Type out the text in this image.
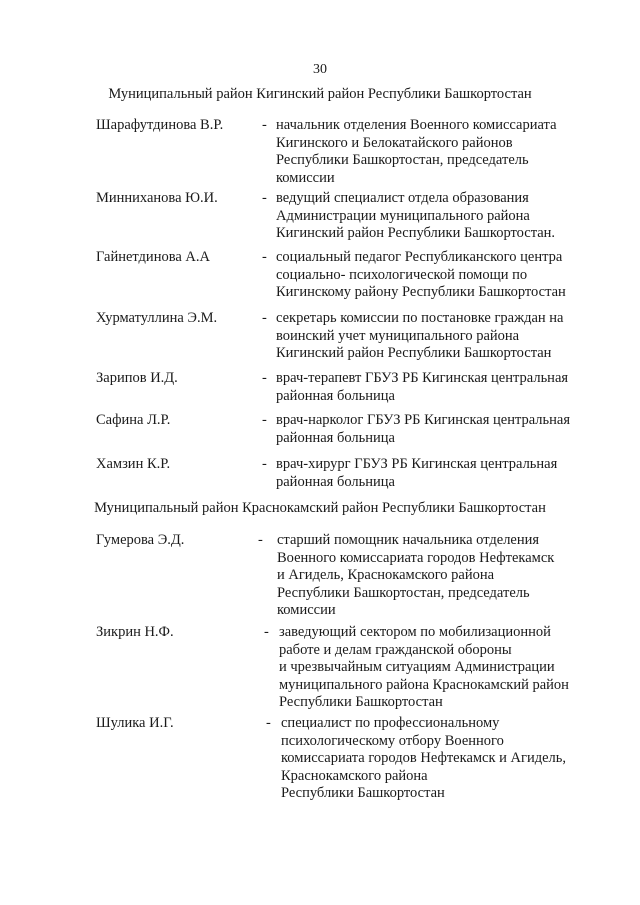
30
Муниципальный район Кигинский район Республики Башкортостан
Шарафутдинова В.Р.	- начальник отделения Военного комиссариата
Кигинского и Белокатайского районов
Республики Башкортостан, председатель
комиссии
Минниханова Ю.И.	- ведущий специалист отдела образования
Администрации муниципального района
Кигинский район Республики Башкортостан.
Гайнетдинова А.А	- социальный педагог Республиканского центра
социально- психологической помощи по
Кигинскому району Республики Башкортостан
Хурматуллина Э.М.	- секретарь комиссии по постановке граждан на
воинский учет муниципального района
Кигинский район Республики Башкортостан
Зарипов И.Д.	- врач-терапевт ГБУЗ РБ Кигинская центральная
районная больница
Сафина Л.Р.	- врач-нарколог ГБУЗ РБ Кигинская центральная
районная больница
Хамзин К.Р.	- врач-хирург ГБУЗ РБ Кигинская центральная
районная больница
Муниципальный район Краснокамский район Республики Башкортостан
Гумерова Э.Д.	- старший помощник начальника отделения
Военного комиссариата городов Нефтекамск
и Агидель, Краснокамского района
Республики Башкортостан, председатель
комиссии
Зикрин Н.Ф.	- заведующий сектором по мобилизационной
работе и делам гражданской обороны
и чрезвычайным ситуациям Администрации
муниципального района Краснокамский район
Республики Башкортостан
Шулика И.Г.	- специалист по профессиональному
психологическому отбору Военного
комиссариата городов Нефтекамск и Агидель,
Краснокамского района
Республики Башкортостан
